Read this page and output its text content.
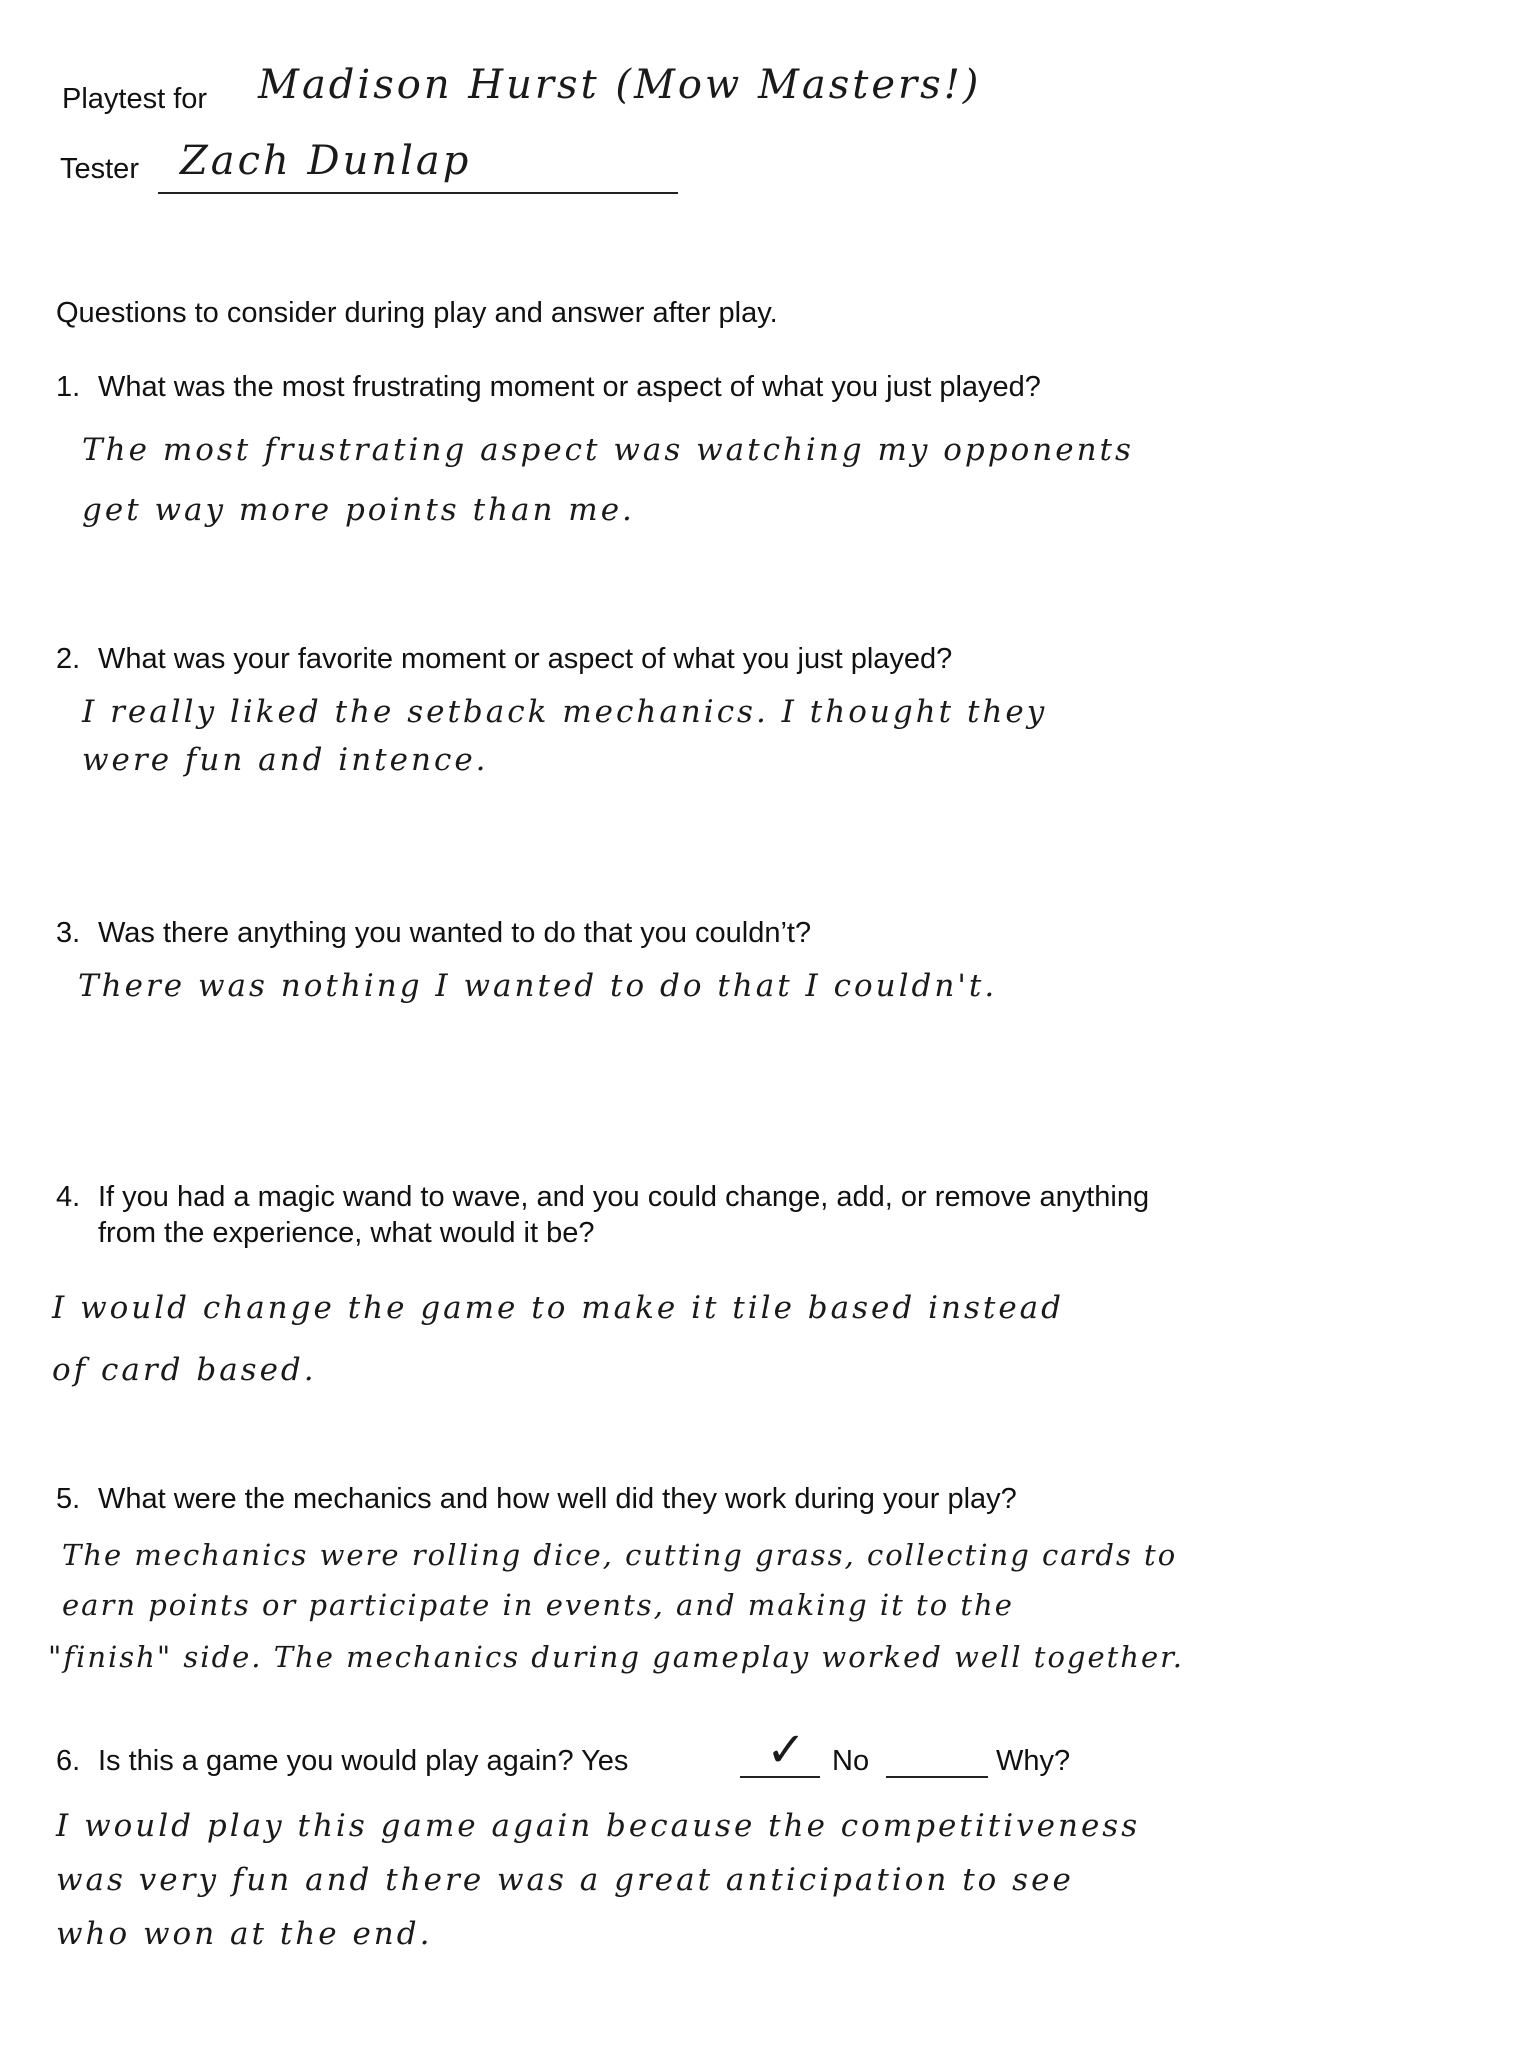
Playtest for Madison Hurst (Mow Masters!)
Tester Zach Dunlap
Questions to consider during play and answer after play.
1. What was the most frustrating moment or aspect of what you just played?
The most frustrating aspect was watching my opponents
get way more points than me.
2. What was your favorite moment or aspect of what you just played?
I really liked the setback mechanics. I thought they
were fun and intence.
3. Was there anything you wanted to do that you couldn’t?
There was nothing I wanted to do that I couldn't.
4. If you had a magic wand to wave, and you could change, add, or remove anything
from the experience, what would it be?
I would change the game to make it tile based instead
of card based.
5. What were the mechanics and how well did they work during your play?
The mechanics were rolling dice, cutting grass, collecting cards to
earn points or participate in events, and making it to the
"finish" side. The mechanics during gameplay worked well together.
6. Is this a game you would play again? Yes	✓ No	Why?
I would play this game again because the competitiveness
was very fun and there was a great anticipation to see
who won at the end.
